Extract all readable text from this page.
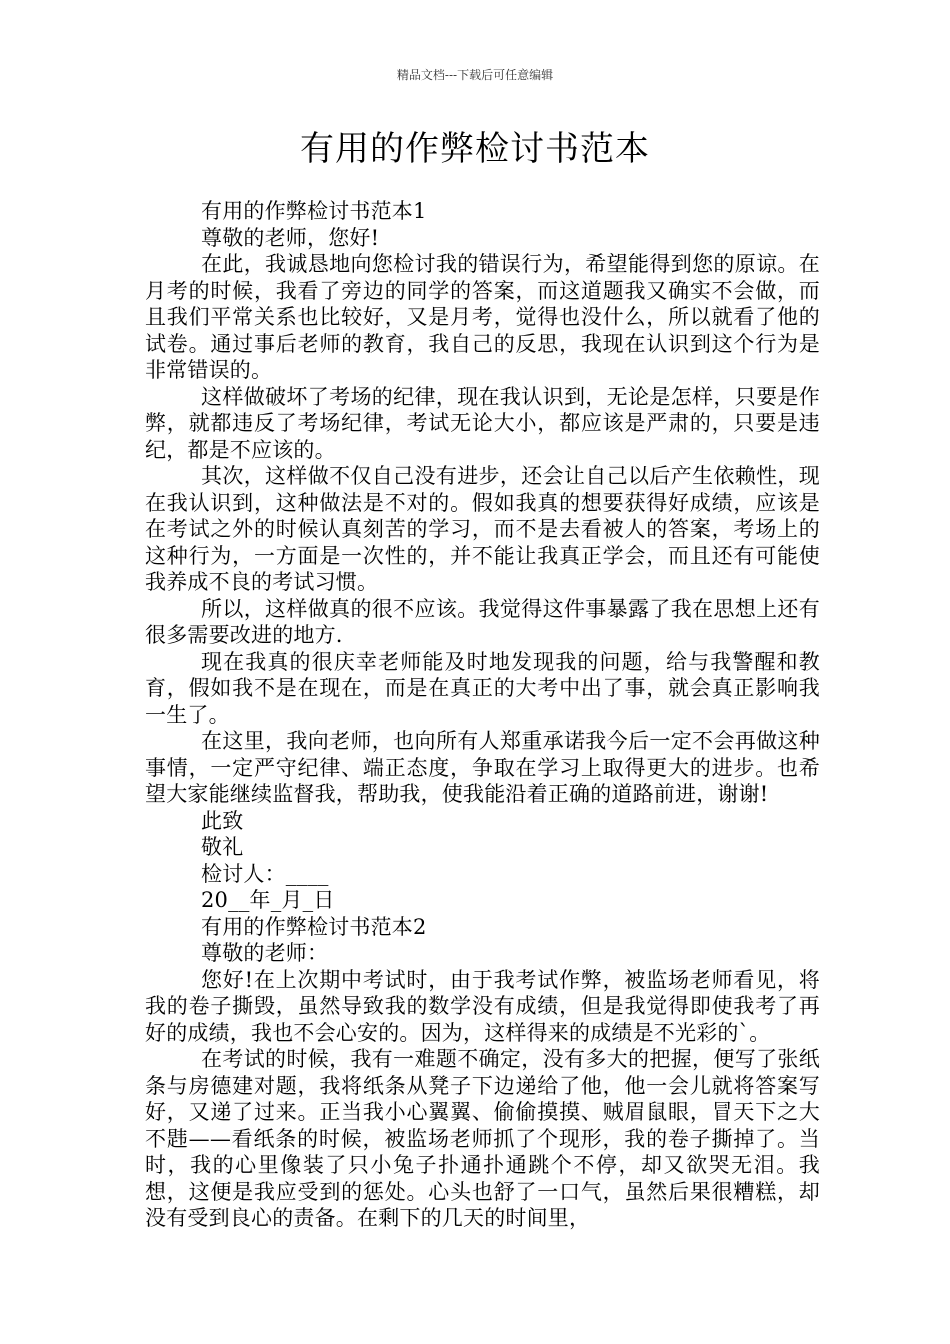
精品文档---下载后可任意编辑
有用的作弊检讨书范本

有用的作弊检讨书范本1

尊敬的老师，您好!

在此，我诚恳地向您检讨我的错误行为，希望能得到您的原谅。在月考的时候，我看了旁边的同学的答案，而这道题我又确实不会做，而且我们平常关系也比较好，又是月考，觉得也没什么，所以就看了他的试卷。通过事后老师的教育，我自己的反思，我现在认识到这个行为是非常错误的。

这样做破坏了考场的纪律，现在我认识到，无论是怎样，只要是作弊，就都违反了考场纪律，考试无论大小，都应该是严肃的，只要是违纪，都是不应该的。

其次，这样做不仅自己没有进步，还会让自己以后产生依赖性，现在我认识到，这种做法是不对的。假如我真的想要获得好成绩，应该是在考试之外的时候认真刻苦的学习，而不是去看被人的答案，考场上的这种行为，一方面是一次性的，并不能让我真正学会，而且还有可能使我养成不良的考试习惯。

所以，这样做真的很不应该。我觉得这件事暴露了我在思想上还有很多需要改进的地方.

现在我真的很庆幸老师能及时地发现我的问题，给与我警醒和教育，假如我不是在现在，而是在真正的大考中出了事，就会真正影响我一生了。

在这里，我向老师，也向所有人郑重承诺我今后一定不会再做这种事情，一定严守纪律、端正态度，争取在学习上取得更大的进步。也希望大家能继续监督我，帮助我，使我能沿着正确的道路前进，谢谢!

此致

敬礼

检讨人：____

20__年_月_日

有用的作弊检讨书范本2

尊敬的老师：

您好!在上次期中考试时，由于我考试作弊，被监场老师看见，将我的卷子撕毁，虽然导致我的数学没有成绩，但是我觉得即使我考了再好的成绩，我也不会心安的。因为，这样得来的成绩是不光彩的`。

在考试的时候，我有一难题不确定，没有多大的把握，便写了张纸条与房德建对题，我将纸条从凳子下边递给了他，他一会儿就将答案写好，又递了过来。正当我小心翼翼、偷偷摸摸、贼眉鼠眼，冒天下之大不韪——看纸条的时候，被监场老师抓了个现形，我的卷子撕掉了。当时，我的心里像装了只小兔子扑通扑通跳个不停，却又欲哭无泪。我想，这便是我应受到的惩处。心头也舒了一口气，虽然后果很糟糕，却没有受到良心的责备。在剩下的几天的时间里，
